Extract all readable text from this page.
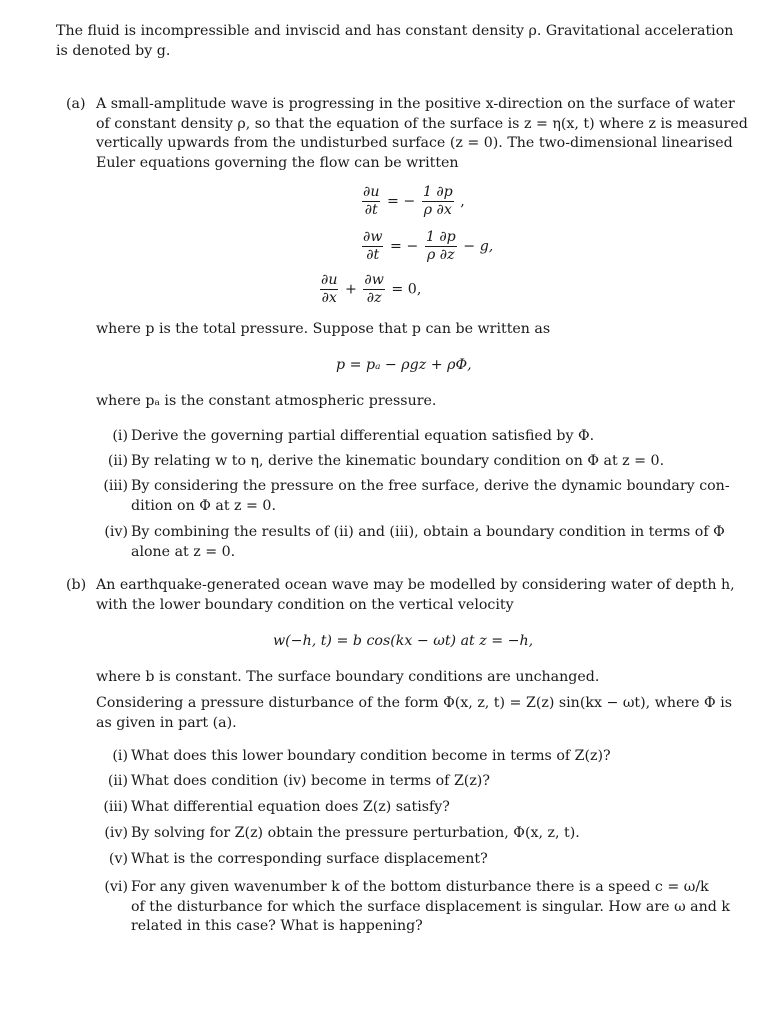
The fluid is incompressible and inviscid and has constant density ρ. Gravitational acceleration
is denoted by g.
(a) A small-amplitude wave is progressing in the positive x-direction on the surface of water
of constant density ρ, so that the equation of the surface is z = η(x, t) where z is measured
vertically upwards from the undisturbed surface (z = 0). The two-dimensional linearised
Euler equations governing the flow can be written
$\frac{\partial u}{\partial t}$ = − $\frac{1 \partial p}{\rho \partial x}$ ,
$\frac{\partial w}{\partial t}$ = − $\frac{1 \partial p}{\rho \partial z} - g$,
$\frac{\partial u}{\partial x} + \frac{\partial w}{\partial z} = 0$,
where p is the total pressure. Suppose that p can be written as
p = pₐ − ρgz + ρΦ,
where pₐ is the constant atmospheric pressure.
(i) Derive the governing partial differential equation satisfied by Φ.
(ii) By relating w to η, derive the kinematic boundary condition on Φ at z = 0.
(iii) By considering the pressure on the free surface, derive the dynamic boundary con-
dition on Φ at z = 0.
(iv) By combining the results of (ii) and (iii), obtain a boundary condition in terms of Φ
alone at z = 0.
(b) An earthquake-generated ocean wave may be modelled by considering water of depth h,
with the lower boundary condition on the vertical velocity
w(−h, t) = b cos(kx − ωt) at z = −h,
where b is constant. The surface boundary conditions are unchanged.
Considering a pressure disturbance of the form Φ(x, z, t) = Z(z) sin(kx − ωt), where Φ is
as given in part (a).
(i) What does this lower boundary condition become in terms of Z(z)?
(ii) What does condition (iv) become in terms of Z(z)?
(iii) What differential equation does Z(z) satisfy?
(iv) By solving for Z(z) obtain the pressure perturbation, Φ(x, z, t).
(v) What is the corresponding surface displacement?
(vi) For any given wavenumber k of the bottom disturbance there is a speed c = ω/k
of the disturbance for which the surface displacement is singular. How are ω and k
related in this case? What is happening?
